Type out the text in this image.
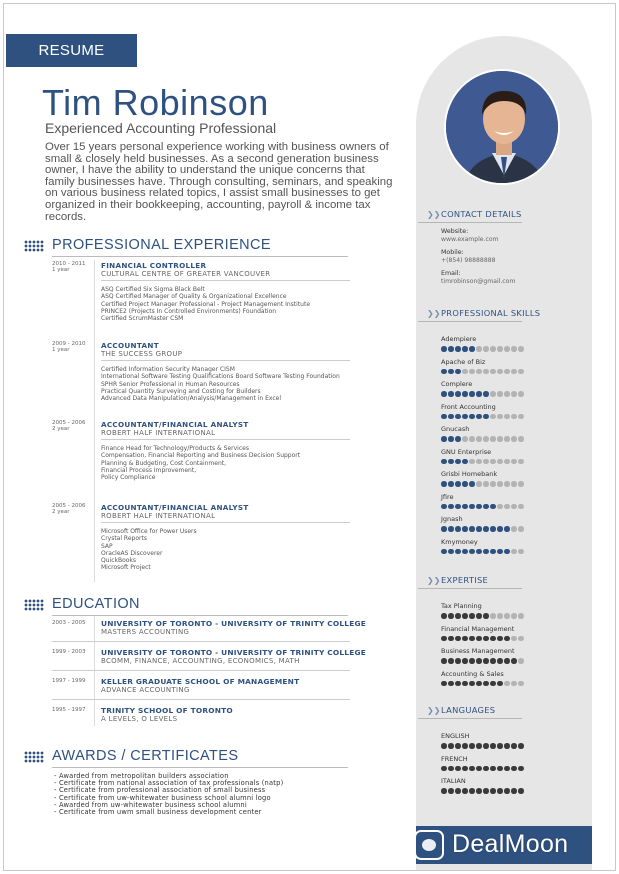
RESUME
Tim Robinson
Experienced Accounting Professional

Over 15 years personal experience working with business owners of small & closely held businesses. As a second generation business owner, I have the ability to understand the unique concerns that family businesses have. Through consulting, seminars, and speaking on various business related topics, I assist small businesses to get organized in their bookkeeping, accounting, payroll & income tax records.

PROFESSIONAL EXPERIENCE
2010 - 2011
1 year	FINANCIAL CONTROLLER
CULTURAL CENTRE OF GREATER VANCOUVER
ASQ Certified Six Sigma Black Belt
ASQ Certified Manager of Quality & Organizational Excellence
Certified Project Manager Professional - Project Management Institute
PRINCE2 (Projects In Controlled Environments) Foundation
Certified ScrumMaster CSM
2009 - 2010
1 year	ACCOUNTANT
THE SUCCESS GROUP
Certified Information Security Manager CISM
International Software Testing Qualifications Board Software Testing Foundation
SPHR Senior Professional in Human Resources
Practical Quantity Surveying and Costing for Builders
Advanced Data Manipulation/Analysis/Management in Excel
2005 - 2006
2 year	ACCOUNTANT/FINANCIAL ANALYST
ROBERT HALF INTERNATIONAL
Finance Head for Technology/Products & Services
Compensation, Financial Reporting and Business Decision Support
Planning & Budgeting, Cost Containment,
Financial Process Improvement,
Policy Compliance
2005 - 2006
2 year	ACCOUNTANT/FINANCIAL ANALYST
ROBERT HALF INTERNATIONAL
Microsoft Office for Power Users
Crystal Reports
SAP
OracleAS Discoverer
QuickBooks
Microsoft Project
EDUCATION
2003 - 2005 UNIVERSITY OF TORONTO - UNIVERSITY OF TRINITY COLLEGE
MASTERS ACCOUNTING
1999 - 2003 UNIVERSITY OF TORONTO - UNIVERSITY OF TRINITY COLLEGE
BCOMM, FINANCE, ACCOUNTING, ECONOMICS, MATH
1997 - 1999 KELLER GRADUATE SCHOOL OF MANAGEMENT
ADVANCE ACCOUNTING
1995 - 1997 TRINITY SCHOOL OF TORONTO
A LEVELS, O LEVELS
AWARDS / CERTIFICATES
- Awarded from metropolitan builders association
- Certificate from national association of tax professionals (natp)
- Certificate from professional association of small business
- Certificate from uw-whitewater business school alumni logo
- Awarded from uw-whitewater business school alumni
- Certificate from uwm small business development center
❯❯ CONTACT DETAILS
Website:
www.example.com
Mobile:
+(854) 98888888
Email:
timrobinson@gmail.com
❯❯ PROFESSIONAL SKILLS
Adempiere
Apache of Biz
Complere
Front Accounting
Gnucash
GNU Enterprise
Grisbi Homebank
Jfire
Jgnash
Kmymoney
❯❯ EXPERTISE
Tax Planning
Financial Management
Business Management
Accounting & Sales
❯❯ LANGUAGES
ENGLISH
FRENCH
ITALIAN
DealMoon
